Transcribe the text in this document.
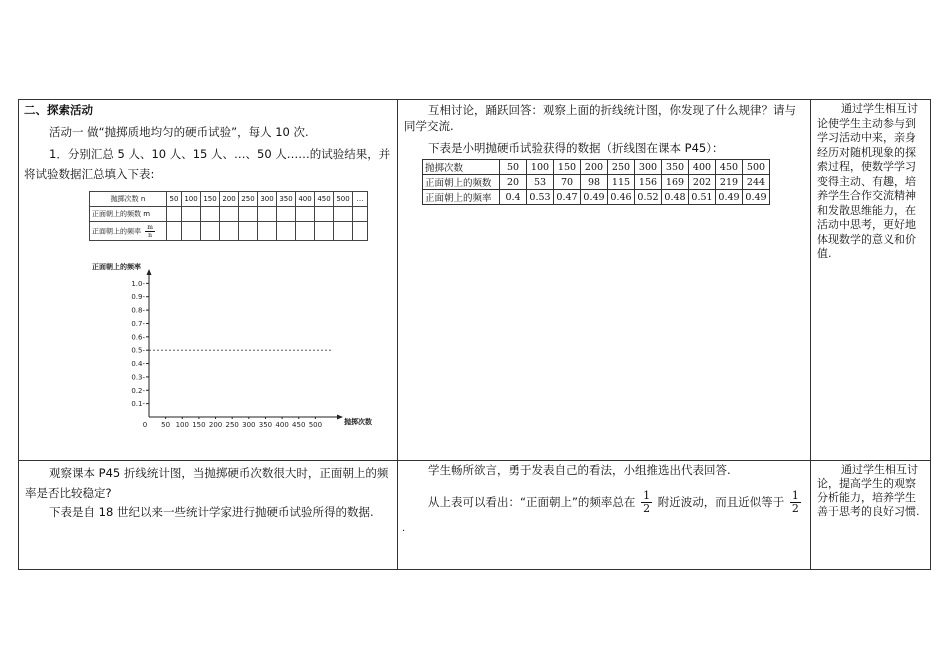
二、探索活动
活动一 做“抛掷质地均匀的硬币试验”，每人 10 次.
1．分别汇总 5 人、10 人、15 人、…、50 人……的试验结果，并
将试验数据汇总填入下表:
抛掷次数 n	50	100	150	200	250	300	350	400	450	500	…
正面朝上的频数 m											
正面朝上的频率 $\frac{m}{n}$

正面朝上的频率
抛掷次数
0.1-
0.2-
0.3-
0.4-
0.5-
0.6-
0.7-
0.8-
0.9-
1.0-
0 50 100 150 200 250 300 350 400 450 500
互相讨论，踊跃回答：观察上面的折线统计图，你发现了什么规律？请与同学交流.
下表是小明抛硬币试验获得的数据（折线图在课本 P45）：
抛掷次数	50	100	150	200	250	300	350	400	450	500
正面朝上的频数	20	53	70	98	115	156	169	202	219	244
正面朝上的频率	0.4	0.53	0.47	0.49	0.46	0.52	0.48	0.51	0.49	0.49
通过学生相互讨论使学生主动参与到学习活动中来，亲身经历对随机现象的探索过程，使数学学习变得主动、有趣，培养学生合作交流精神和发散思维能力，在活动中思考，更好地体现数学的意义和价值.
观察课本 P45 折线统计图，当抛掷硬币次数很大时，正面朝上的频率是否比较稳定?
下表是自 18 世纪以来一些统计学家进行抛硬币试验所得的数据.
学生畅所欲言，勇于发表自己的看法，小组推选出代表回答.
从上表可以看出：“正面朝上”的频率总在 $\frac{1}{2}$ 附近波动，而且近似等于 $\frac{1}{2}$
.
通过学生相互讨论，提高学生的观察分析能力，培养学生善于思考的良好习惯.
